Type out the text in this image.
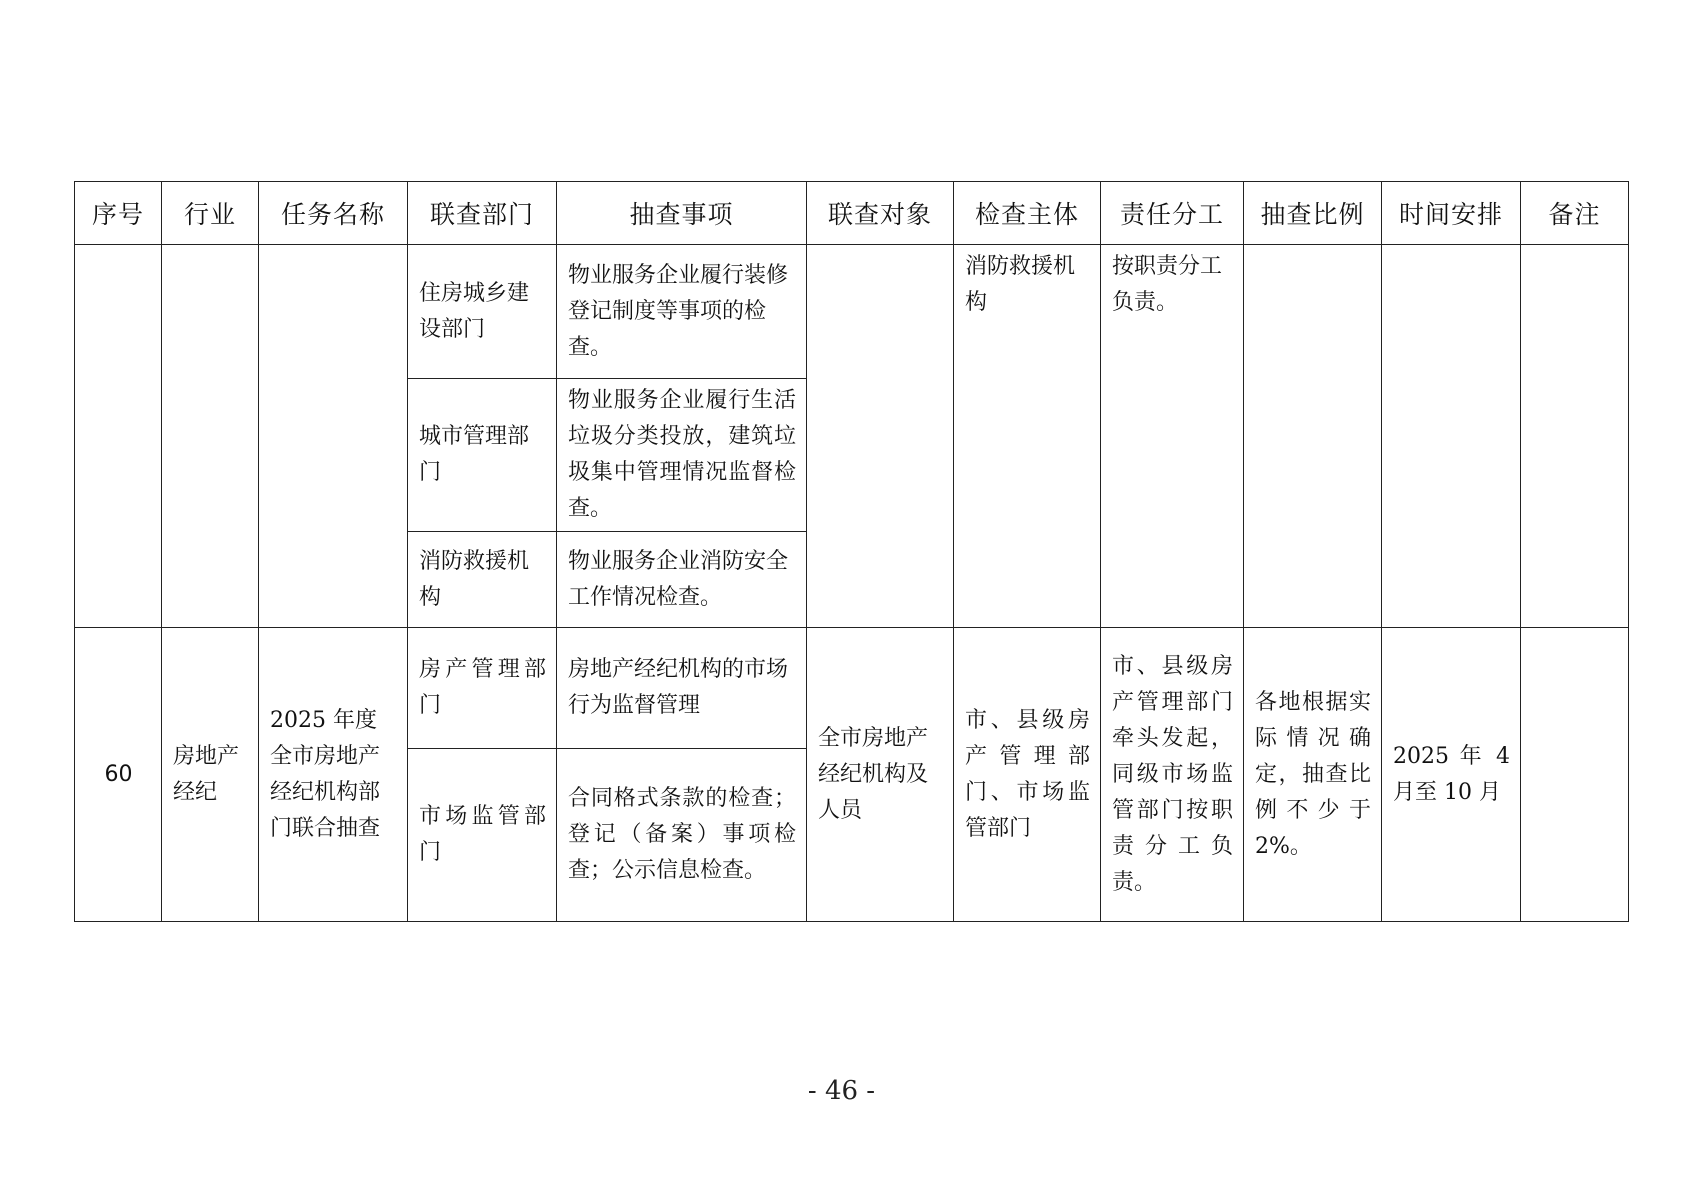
序号	行业	任务名称	联查部门	抽查事项	联查对象	检查主体	责任分工	抽查比例	时间安排	备注

			住房城乡建设部门	物业服务企业履行装修登记制度等事项的检查。		消防救援机构	按职责分工负责。			

			城市管理部门	物业服务企业履行生活垃圾分类投放，建筑垃圾集中管理情况监督检查。						

			消防救援机构	物业服务企业消防安全工作情况检查。						

60	房地产经纪	2025 年度全市房地产经纪机构部门联合抽查	房产管理部门	房地产经纪机构的市场行为监督管理	全市房地产经纪机构及人员	市、县级房产管理部门、市场监管部门	市、县级房产管理部门牵头发起，同级市场监管部门按职责分工负责。	各地根据实际情况确定，抽查比例不少于 2%。	2025 年 4 月至 10 月	

			市场监管部门	合同格式条款的检查；登记（备案）事项检查；公示信息检查。						
- 46 -
